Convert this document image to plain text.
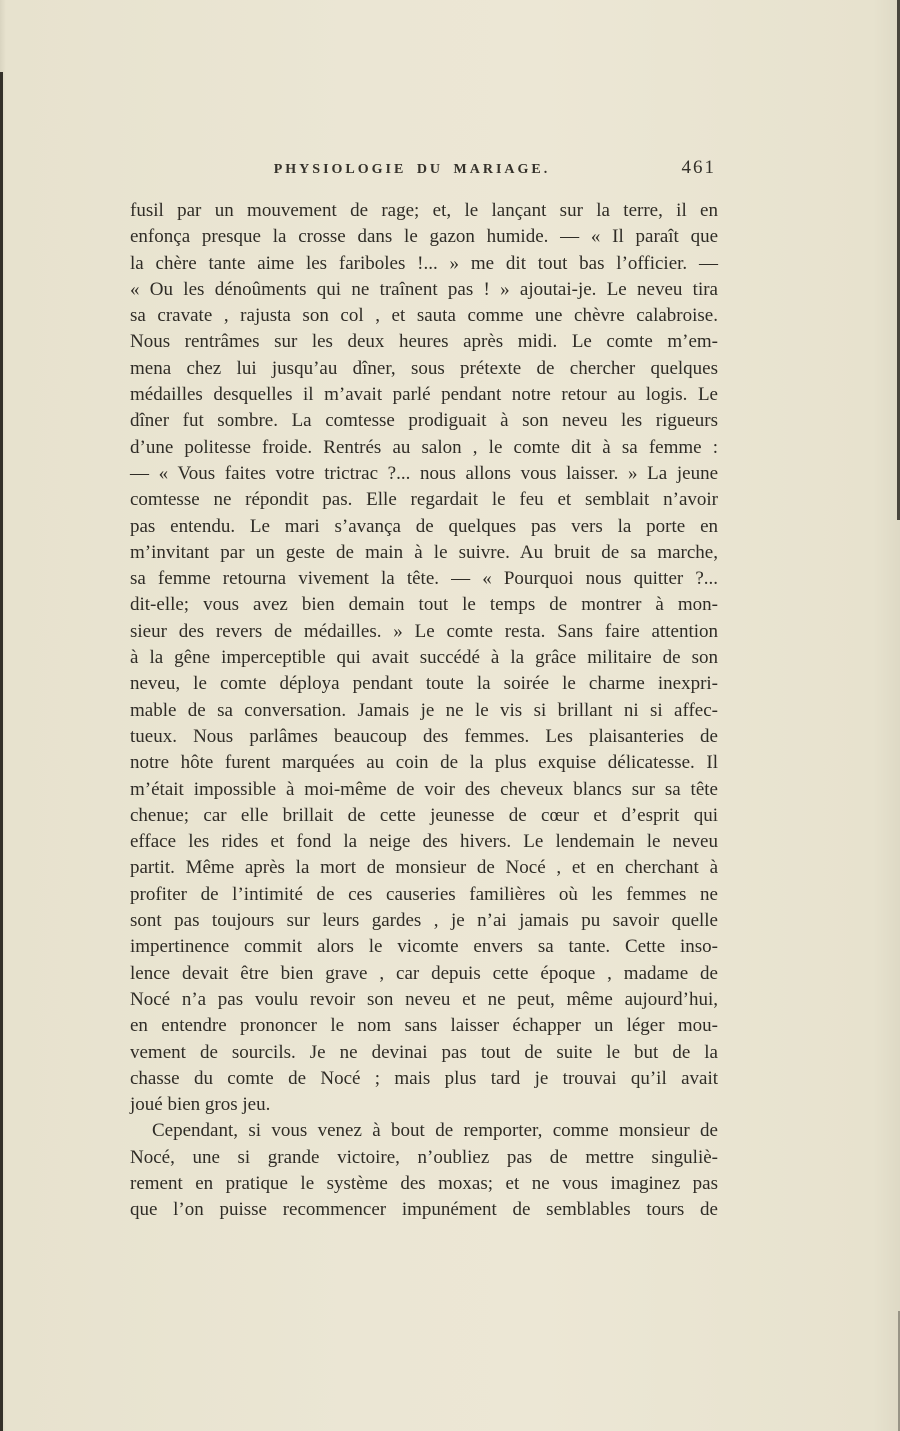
PHYSIOLOGIE DU MARIAGE.	461
fusil par un mouvement de rage; et, le lançant sur la terre, il en
enfonça presque la crosse dans le gazon humide. — « Il paraît que
la chère tante aime les fariboles !... » me dit tout bas l’officier. —
« Ou les dénoûments qui ne traînent pas ! » ajoutai-je. Le neveu tira
sa cravate , rajusta son col , et sauta comme une chèvre calabroise.
Nous rentrâmes sur les deux heures après midi. Le comte m’em-
mena chez lui jusqu’au dîner, sous prétexte de chercher quelques
médailles desquelles il m’avait parlé pendant notre retour au logis. Le
dîner fut sombre. La comtesse prodiguait à son neveu les rigueurs
d’une politesse froide. Rentrés au salon , le comte dit à sa femme :
— « Vous faites votre trictrac ?... nous allons vous laisser. » La jeune
comtesse ne répondit pas. Elle regardait le feu et semblait n’avoir
pas entendu. Le mari s’avança de quelques pas vers la porte en
m’invitant par un geste de main à le suivre. Au bruit de sa marche,
sa femme retourna vivement la tête. — « Pourquoi nous quitter ?...
dit-elle; vous avez bien demain tout le temps de montrer à mon-
sieur des revers de médailles. » Le comte resta. Sans faire attention
à la gêne imperceptible qui avait succédé à la grâce militaire de son
neveu, le comte déploya pendant toute la soirée le charme inexpri-
mable de sa conversation. Jamais je ne le vis si brillant ni si affec-
tueux. Nous parlâmes beaucoup des femmes. Les plaisanteries de
notre hôte furent marquées au coin de la plus exquise délicatesse. Il
m’était impossible à moi-même de voir des cheveux blancs sur sa tête
chenue; car elle brillait de cette jeunesse de cœur et d’esprit qui
efface les rides et fond la neige des hivers. Le lendemain le neveu
partit. Même après la mort de monsieur de Nocé , et en cherchant à
profiter de l’intimité de ces causeries familières où les femmes ne
sont pas toujours sur leurs gardes , je n’ai jamais pu savoir quelle
impertinence commit alors le vicomte envers sa tante. Cette inso-
lence devait être bien grave , car depuis cette époque , madame de
Nocé n’a pas voulu revoir son neveu et ne peut, même aujourd’hui,
en entendre prononcer le nom sans laisser échapper un léger mou-
vement de sourcils. Je ne devinai pas tout de suite le but de la
chasse du comte de Nocé ; mais plus tard je trouvai qu’il avait
joué bien gros jeu.
Cependant, si vous venez à bout de remporter, comme monsieur de
Nocé, une si grande victoire, n’oubliez pas de mettre singuliè-
rement en pratique le système des moxas; et ne vous imaginez pas
que l’on puisse recommencer impunément de semblables tours de
